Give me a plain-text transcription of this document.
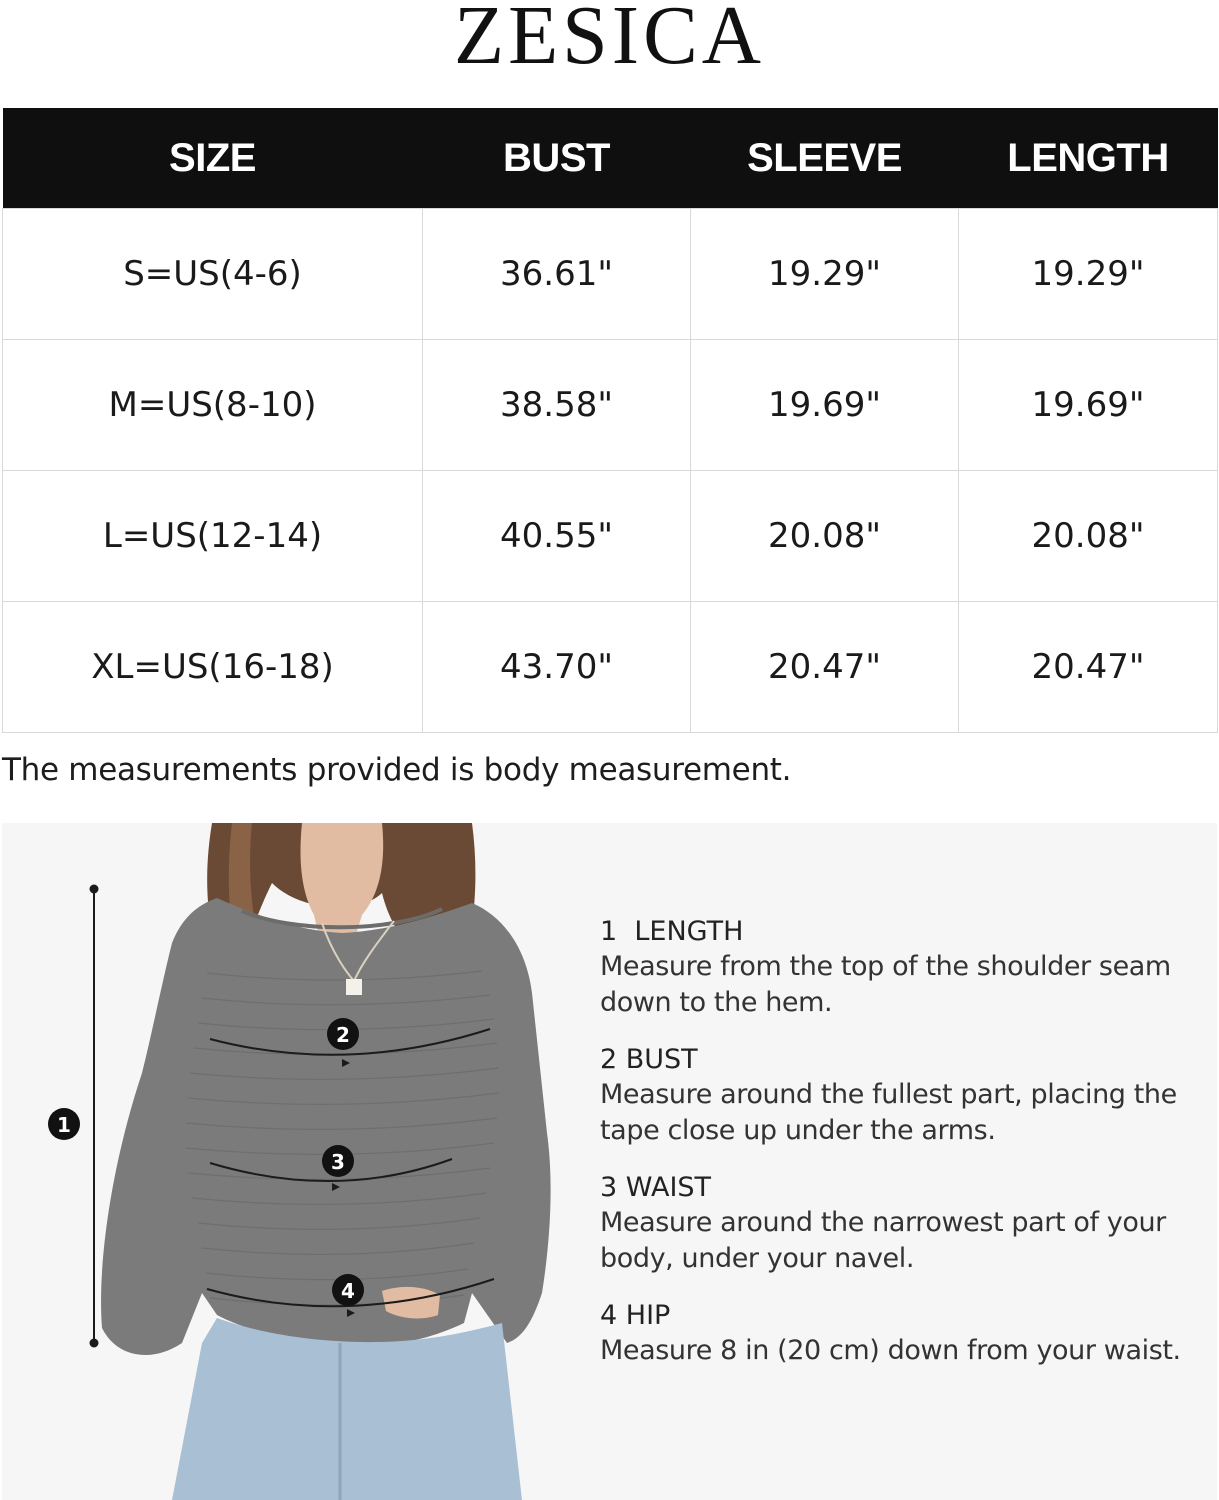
ZESICA
SIZE	BUST	SLEEVE	LENGTH
S=US(4-6)	36.61"	19.29"	19.29"
M=US(8-10)	38.58"	19.69"	19.69"
L=US(12-14)	40.55"	20.08"	20.08"
XL=US(16-18)	43.70"	20.47"	20.47"
The measurements provided is body measurement.
1
2
3
4
1  LENGTH
Measure from the top of the shoulder seam down to the hem.
2 BUST
Measure around the fullest part, placing the tape close up under the arms.
3 WAIST
Measure around the narrowest part of your body, under your navel.
4 HIP
Measure 8 in (20 cm) down from your waist.
